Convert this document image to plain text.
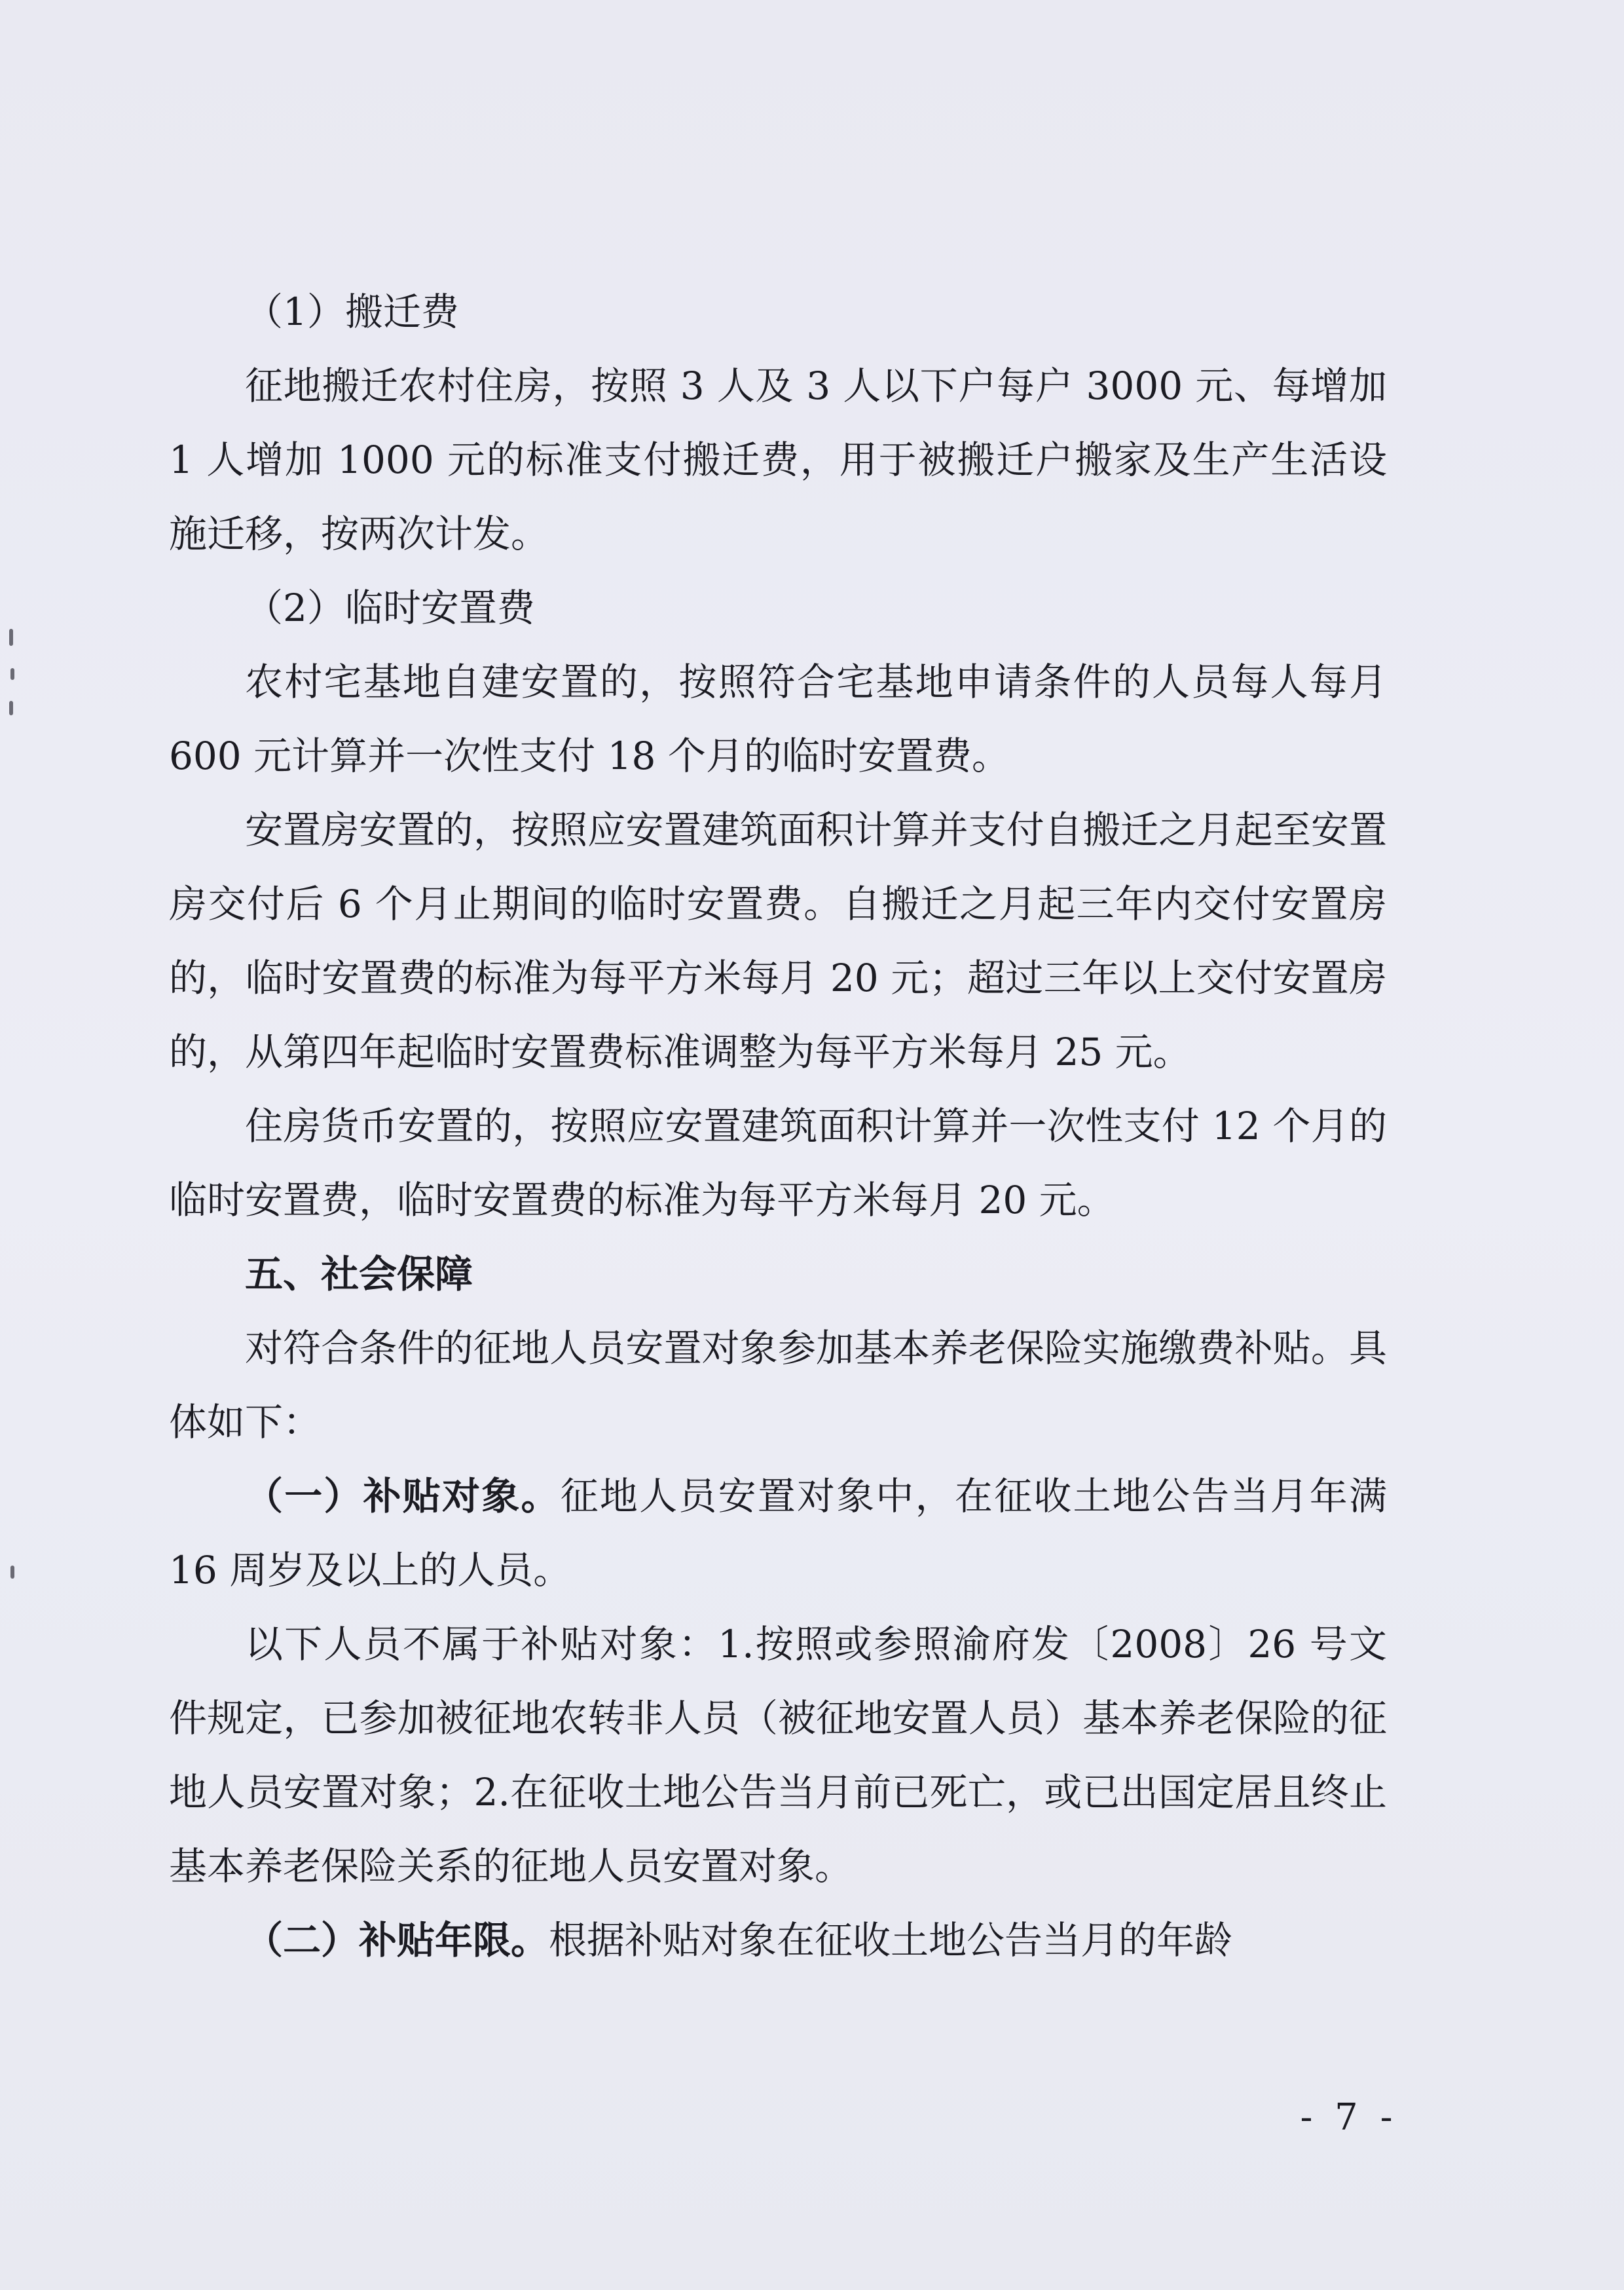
（1）搬迁费

征地搬迁农村住房，按照 3 人及 3 人以下户每户 3000 元、每增加 1 人增加 1000 元的标准支付搬迁费，用于被搬迁户搬家及生产生活设施迁移，按两次计发。

（2）临时安置费

农村宅基地自建安置的，按照符合宅基地申请条件的人员每人每月 600 元计算并一次性支付 18 个月的临时安置费。

安置房安置的，按照应安置建筑面积计算并支付自搬迁之月起至安置房交付后 6 个月止期间的临时安置费。自搬迁之月起三年内交付安置房的，临时安置费的标准为每平方米每月 20 元；超过三年以上交付安置房的，从第四年起临时安置费标准调整为每平方米每月 25 元。

住房货币安置的，按照应安置建筑面积计算并一次性支付 12 个月的临时安置费，临时安置费的标准为每平方米每月 20 元。

五、社会保障

对符合条件的征地人员安置对象参加基本养老保险实施缴费补贴。具体如下：

（一）补贴对象。征地人员安置对象中，在征收土地公告当月年满 16 周岁及以上的人员。

以下人员不属于补贴对象：1.按照或参照渝府发〔2008〕26 号文件规定，已参加被征地农转非人员（被征地安置人员）基本养老保险的征地人员安置对象；2.在征收土地公告当月前已死亡，或已出国定居且终止基本养老保险关系的征地人员安置对象。

（二）补贴年限。根据补贴对象在征收土地公告当月的年龄

- 7 -
